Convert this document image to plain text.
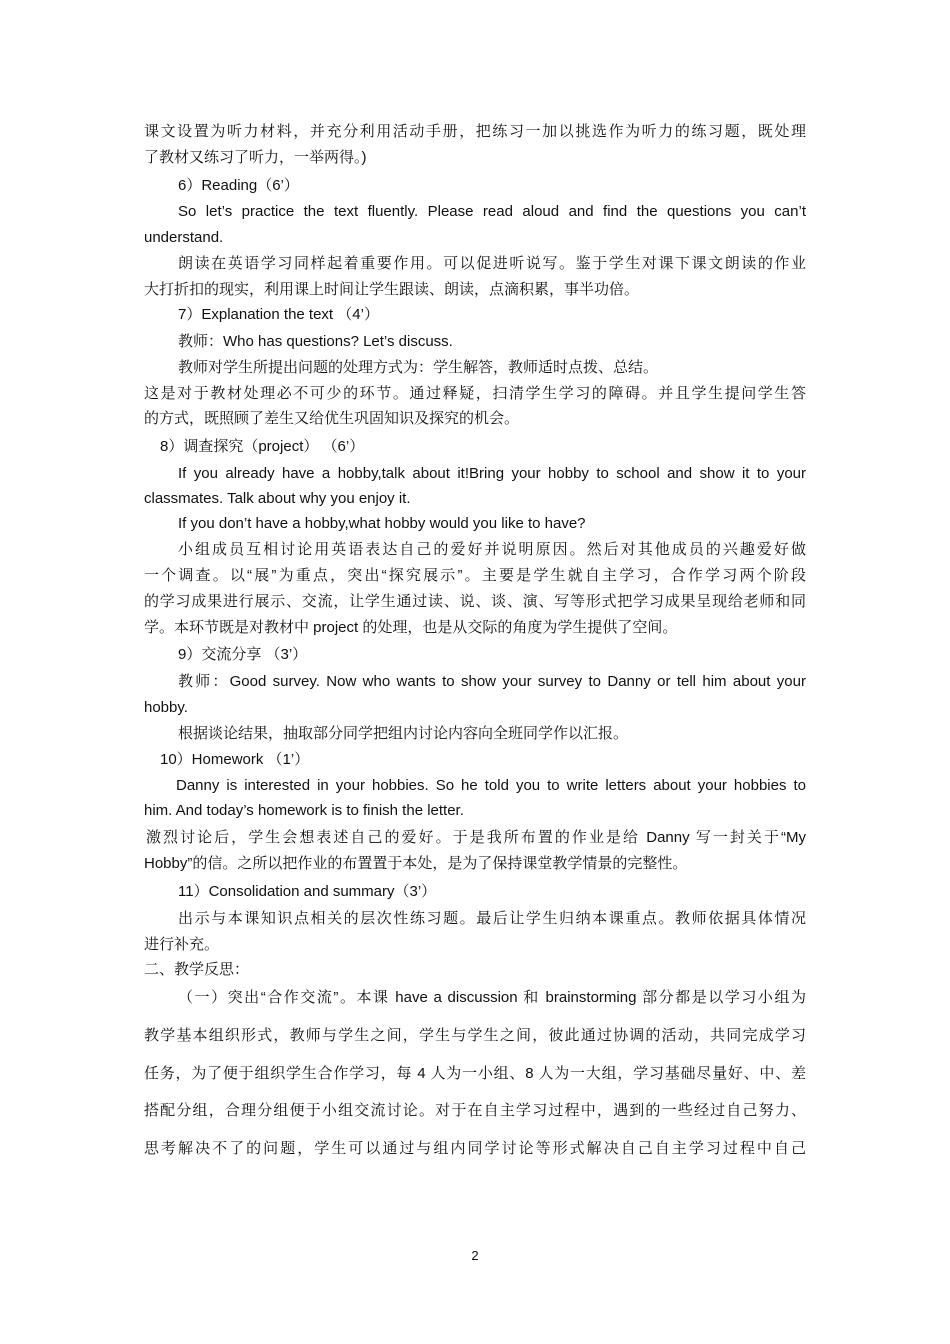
课文设置为听力材料，并充分利用活动手册，把练习一加以挑选作为听力的练习题，既处理
了教材又练习了听力，一举两得。)
6）Reading（6’）
So let’s practice the text fluently. Please read aloud and find the questions you can’t
understand.
朗读在英语学习同样起着重要作用。可以促进听说写。鉴于学生对课下课文朗读的作业
大打折扣的现实，利用课上时间让学生跟读、朗读，点滴积累，事半功倍。
7）Explanation the text （4’）
教师：Who has questions? Let’s discuss.
教师对学生所提出问题的处理方式为：学生解答，教师适时点拨、总结。
这是对于教材处理必不可少的环节。通过释疑，扫清学生学习的障碍。并且学生提问学生答
的方式，既照顾了差生又给优生巩固知识及探究的机会。
8）调查探究（project） （6’）
If you already have a hobby,talk about it!Bring your hobby to school and show it to your
classmates. Talk about why you enjoy it.
If you don’t have a hobby,what hobby would you like to have?
小组成员互相讨论用英语表达自己的爱好并说明原因。然后对其他成员的兴趣爱好做
一个调查。以“展”为重点，突出“探究展示”。主要是学生就自主学习，合作学习两个阶段
的学习成果进行展示、交流，让学生通过读、说、谈、演、写等形式把学习成果呈现给老师和同
学。本环节既是对教材中 project 的处理，也是从交际的角度为学生提供了空间。
9）交流分享 （3’）
教师：Good survey. Now who wants to show your survey to Danny or tell him about your
hobby.
根据谈论结果，抽取部分同学把组内讨论内容向全班同学作以汇报。
10）Homework （1’）
Danny is interested in your hobbies. So he told you to write letters about your hobbies to
him. And today’s homework is to finish the letter.
激烈讨论后，学生会想表述自己的爱好。于是我所布置的作业是给 Danny 写一封关于“My
Hobby”的信。之所以把作业的布置置于本处，是为了保持课堂教学情景的完整性。
11）Consolidation and summary（3’）
出示与本课知识点相关的层次性练习题。最后让学生归纳本课重点。教师依据具体情况
进行补充。
二、教学反思：
（一）突出“合作交流”。本课 have a discussion 和 brainstorming 部分都是以学习小组为
教学基本组织形式，教师与学生之间，学生与学生之间，彼此通过协调的活动，共同完成学习
任务，为了便于组织学生合作学习，每 4 人为一小组、8 人为一大组，学习基础尽量好、中、差
搭配分组，合理分组便于小组交流讨论。对于在自主学习过程中，遇到的一些经过自己努力、
思考解决不了的问题，学生可以通过与组内同学讨论等形式解决自己自主学习过程中自己
2
